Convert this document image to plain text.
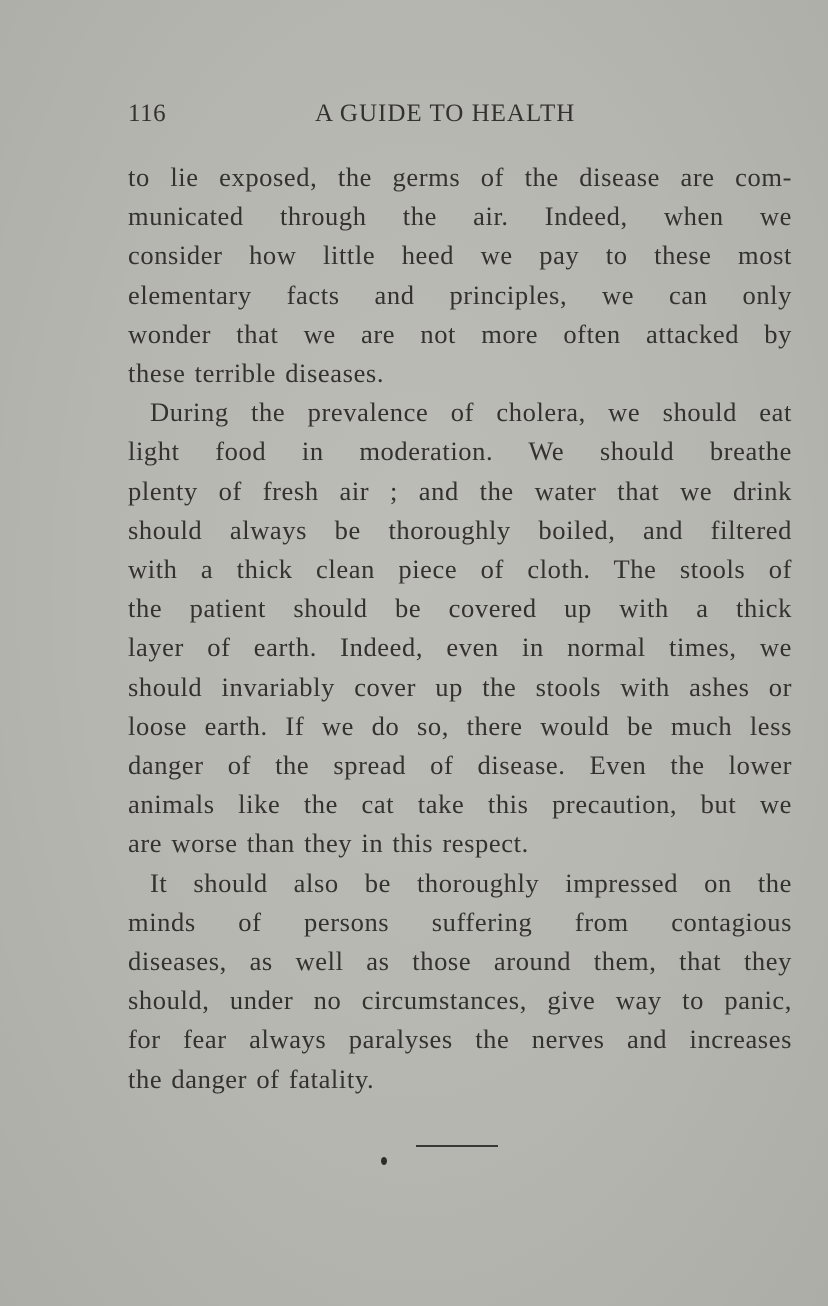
116	A GUIDE TO HEALTH

to lie exposed, the germs of the disease are com-
municated through the air. Indeed, when we
consider how little heed we pay to these most
elementary facts and principles, we can only
wonder that we are not more often attacked by
these terrible diseases.

During the prevalence of cholera, we should eat
light food in moderation. We should breathe
plenty of fresh air ; and the water that we drink
should always be thoroughly boiled, and filtered
with a thick clean piece of cloth. The stools of
the patient should be covered up with a thick
layer of earth. Indeed, even in normal times, we
should invariably cover up the stools with ashes or
loose earth. If we do so, there would be much less
danger of the spread of disease. Even the lower
animals like the cat take this precaution, but we
are worse than they in this respect.

It should also be thoroughly impressed on the
minds of persons suffering from contagious
diseases, as well as those around them, that they
should, under no circumstances, give way to panic,
for fear always paralyses the nerves and increases
the danger of fatality.
